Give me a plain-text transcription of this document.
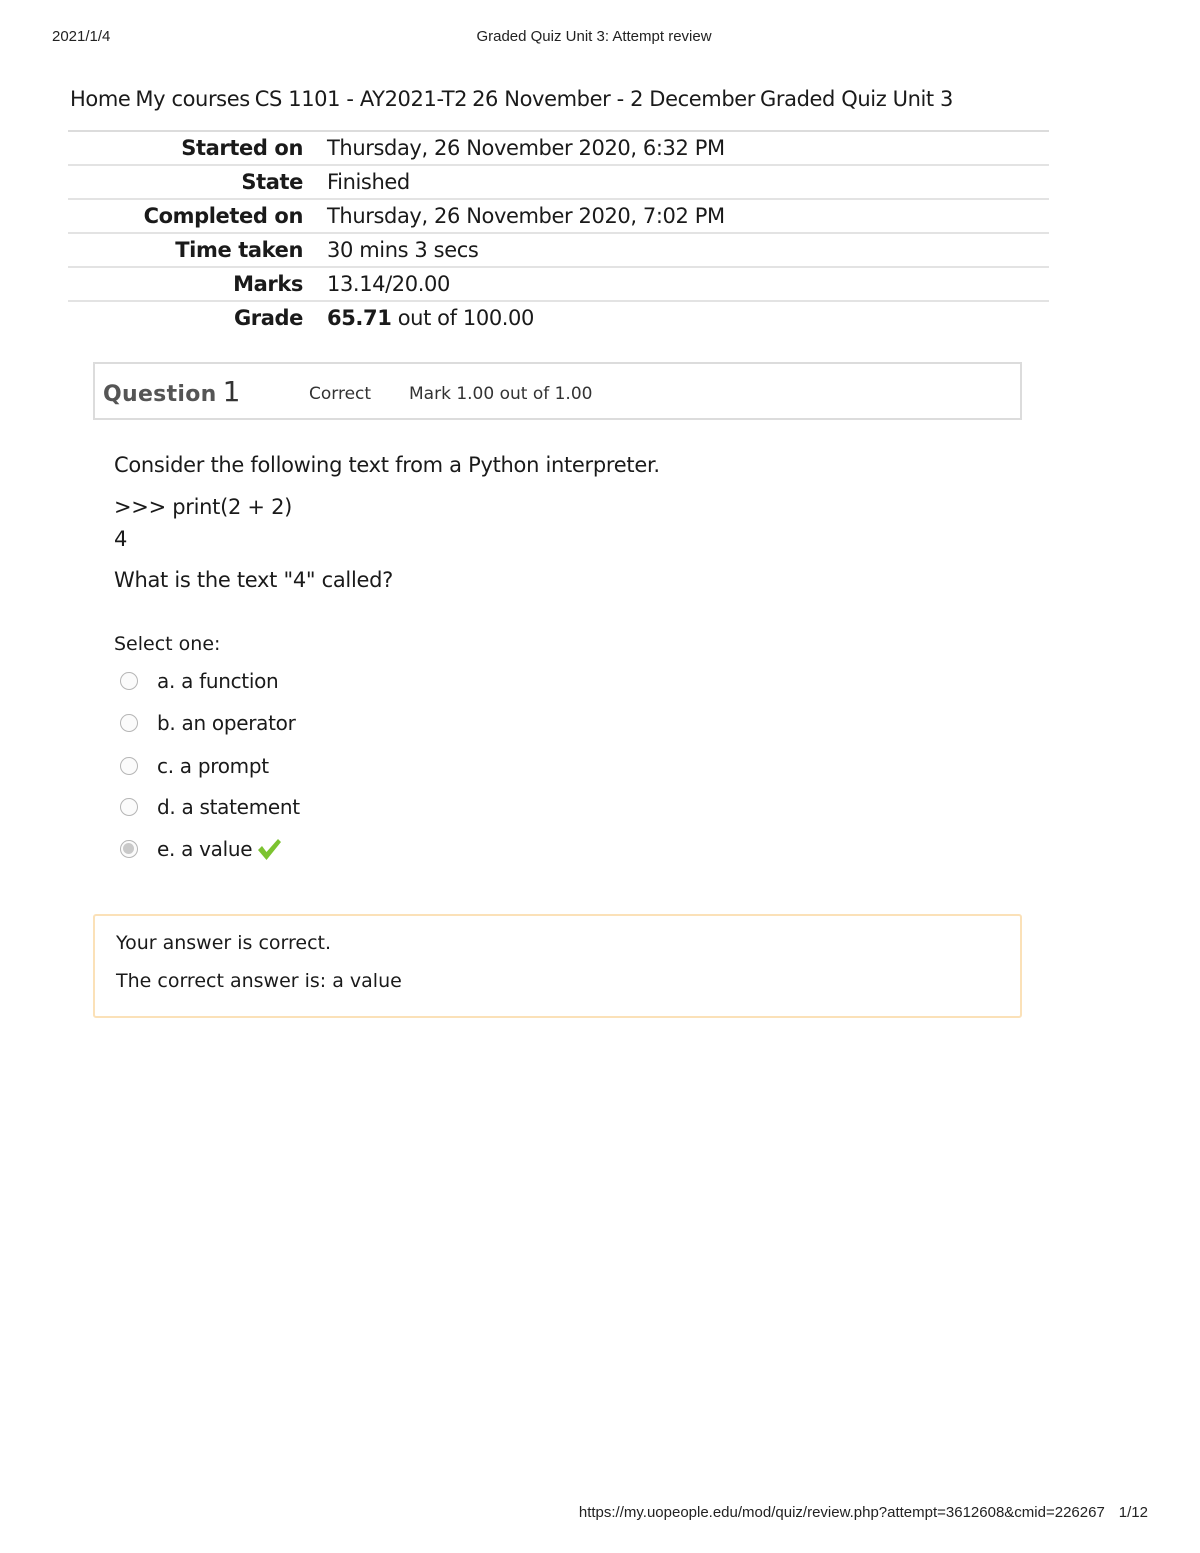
2021/1/4	Graded Quiz Unit 3: Attempt review
Home My courses CS 1101 - AY2021-T2 26 November - 2 December Graded Quiz Unit 3
Started on	Thursday, 26 November 2020, 6:32 PM
State	Finished
Completed on	Thursday, 26 November 2020, 7:02 PM
Time taken	30 mins 3 secs
Marks	13.14/20.00
Grade	65.71 out of 100.00
Question 1	Correct Mark 1.00 out of 1.00
Consider the following text from a Python interpreter.
>>> print(2 + 2)
4
What is the text "4" called?
Select one:
a. a function
b. an operator
c. a prompt
d. a statement
e. a value
Your answer is correct.
The correct answer is: a value
https://my.uopeople.edu/mod/quiz/review.php?attempt=3612608&cmid=226267 1/12
